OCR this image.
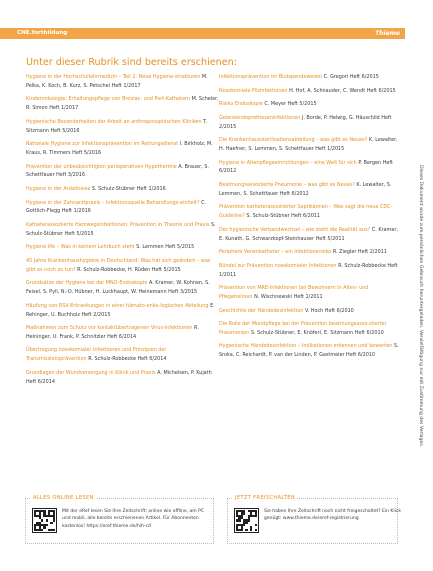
CNE.fortbildung	Thieme
Unter dieser Rubrik sind bereits erschienen:
Hygiene in der Hochschullehrmedizin – Teil 2: Neue Hygiene-strukturen M. Pelka, K. Koch, B. Kurz, S. Petschel Heft 1/2017
Kinderonkologie: Erhaltungspflege von Broviac- und Port-Kathetern M. Scheler, R. Simon Heft 1/2017
Hygienische Besonderheiten der Arbeit an anthroposophischen Kliniken T. Sitzmann Heft 5/2016
Rationale Hygiene zur Infektionsprävention im Rettungsdienst I. Birkholz, M. Kraus, R. Timmers Heft 5/2016
Prävention der unbeabsichtigten perioperativen Hypothermie A. Brauer, S. Schettfauer Heft 3/2016
Hygiene in der Anästhesie S. Schulz-Stübner Heft 1/2016
Hygiene in der Zahnarztpraxis – Infektionsquelle Behandlungs-einheit? C. Gottlich-Flegg Heft 1/2016
Katheterassoziierte Harnwegsinfektionen: Prävention in Theorie und Praxis S. Schulz-Stübner Heft 5/2015
Hygiene life – Was in keinem Lehrbuch steht S. Lemmen Heft 5/2015
45 Jahre Krankenhaushygiene in Deutschland: Was hat sich geändert – was gibt es noch zu tun? R. Schulz-Robbecke, H. Rüden Heft 5/2015
Grundsätze der Hygiene bei der MNO-Endoskopie A. Kramer, W. Kohnen, S. Feisel, S. Pyll, N.-O. Hübner, H. Luckhaupt, W. Heinemann Heft 3/2015
Häufung von RSV-Erkrankungen in einer hämato-onko-logischen Abteilung E. Rehinger, U. Buchholz Heft 2/2015
Maßnahmen zum Schutz vor kontaktübertragenen Virus-Infektionen R. Heininger, U. Frank, P. Schnitzler Heft 6/2014
Übertragung nosokomialer Infektionen und Prinzipien der Transmissionsprävention R. Schulz-Robbecke Heft 6/2014
Grundlagen der Wundversorgung in Klinik und Praxis A. Michelsen, P. Kujath Heft 6/2014
Infektionsprävention im Blutspendewesen C. Gregori Heft 6/2015
Nosokomiale Pilzinfektionen H. Hof, A. Schnauder, C. Wendt Heft 6/2015
Risiko Endoskopie C. Meyer Heft 5/2015
Gelenkendoprotheseninfektionen J. Borde, P. Helwig, G. Häuschild Heft 2/2015
Die Krankenhaussterilisationsabteilung – was gibt es Neues? K. Lewalter, H. Haefner, S. Lemmen, S. Schettfauer Heft 1/2015
Hygiene in Altenpflegeeinrichtungen – eine Welt für sich P. Bergen Heft 6/2012
Beatmungsassoziierte Pneumonie – was gibt es Neues? K. Lewalter, S. Lemmen, S. Schettfauer Heft 6/2012
Prävention katheterassoziierter Septikämien – Was sagt die neue CDC-Guideline? S. Schulz-Stübner Heft 6/2011
Der hygienische Verbandwechsel – wie steht die Realität aus? C. Kramer, E. Kunath, G. Schwarzkopf-Steinhauser Heft 5/2011
Periphere Venenkatheter – ein Infektionsrisiko R. Ziegler Heft 2/2011
Bündel zur Prävention nosokomialer Infektionen R. Schulz-Robbecke Heft 1/2011
Prävention von MRE-Infektionen bei Bewohnern in Alten- und Pflegeheimen N. Wischnewski Heft 1/2011
Geschichte der Händedesinfektion V. Hoch Heft 6/2010
Die Rolle der Mundpflege bei der Prävention beatmungsasso-ziierter Pneumonien S. Schulz-Stübner, E. Knöferl, E. Sitzmann Heft 6/2010
Hygienische Händedesinfektion – Indikationen erkennen und bewerten S. Sroka, C. Reichardt, P. van der Linden, P. Gastmeier Heft 6/2010	Dieses Dokument wurde zum persönlichen Gebrauch heruntergeladen. Vervielfältigung nur mit Zustimmung des Verlages.
ALLES ONLINE LESEN
Mit der eRef lesen Sie Ihre Zeitschrift: online wie offline, am PC und mobil, alle bereits erschienenen Artikel. Für Abonnenten kostenlos! https://eref.thieme.de/hih-cd
JETZT FREISCHALTEN
Sie haben Ihre Zeitschrift noch nicht freigeschaltet? Ein Klick genügt: www.thieme.de/eref-registrierung
